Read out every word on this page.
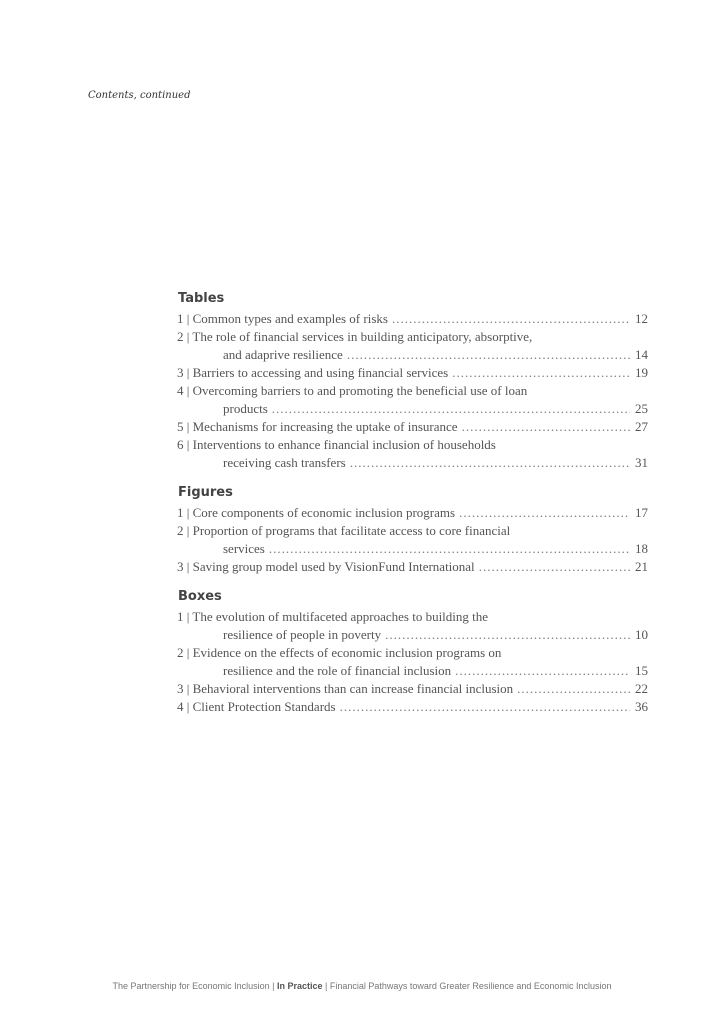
Contents, continued
Tables
1 | Common types and examples of risks .....	12
2 | The role of financial services in building anticipatory, absorptive,
and adaprive resilience .....	14
3 | Barriers to accessing and using financial services .....	19
4 | Overcoming barriers to and promoting the beneficial use of loan
products .....	25
5 | Mechanisms for increasing the uptake of insurance .....	27
6 | Interventions to enhance financial inclusion of households
receiving cash transfers .....	31
Figures
1 | Core components of economic inclusion programs .....	17
2 | Proportion of programs that facilitate access to core financial
services .....	18
3 | Saving group model used by VisionFund International .....	21
Boxes
1 | The evolution of multifaceted approaches to building the
resilience of people in poverty .....	10
2 | Evidence on the effects of economic inclusion programs on
resilience and the role of financial inclusion .....	15
3 | Behavioral interventions than can increase financial inclusion .....	22
4 | Client Protection Standards .....	36
The Partnership for Economic Inclusion | In Practice | Financial Pathways toward Greater Resilience and Economic Inclusion
